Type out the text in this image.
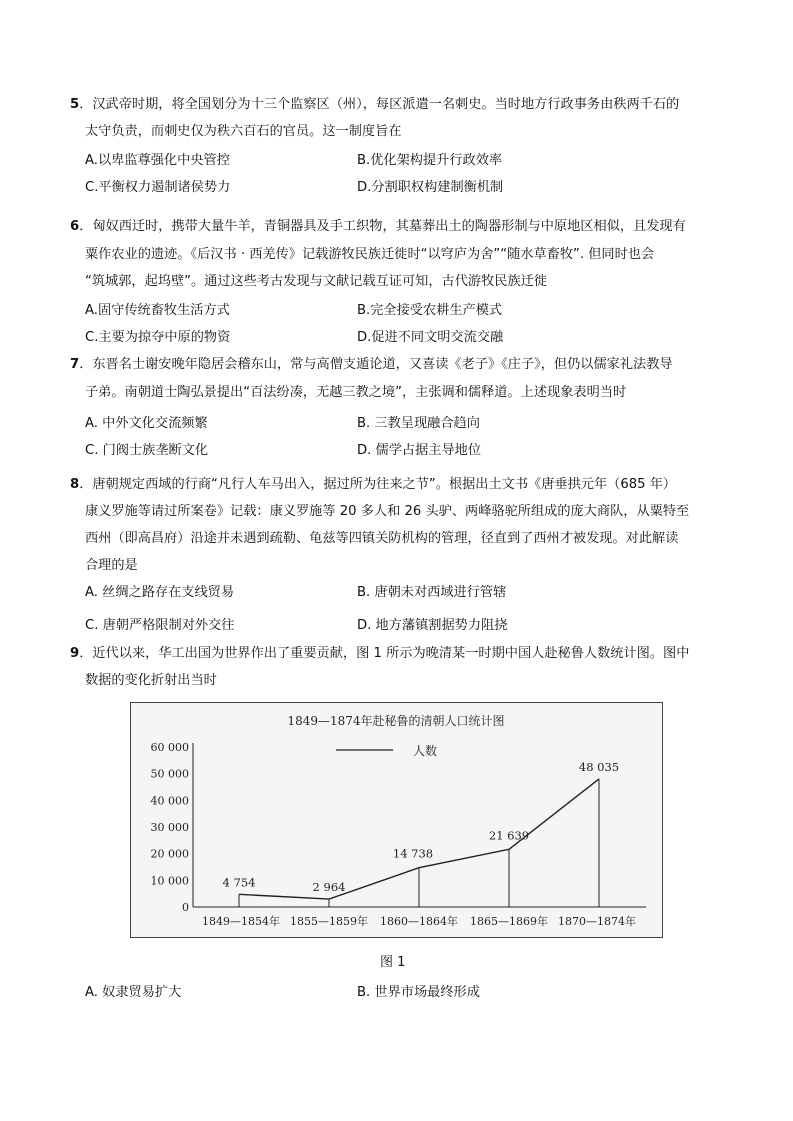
5．汉武帝时期，将全国划分为十三个监察区（州），每区派遣一名刺史。当时地方行政事务由秩两千石的
太守负责，而刺史仅为秩六百石的官员。这一制度旨在
A.以卑监尊强化中央管控	B.优化架构提升行政效率
C.平衡权力遏制诸侯势力	D.分割职权构建制衡机制
6．匈奴西迁时，携带大量牛羊，青铜器具及手工织物，其墓葬出土的陶器形制与中原地区相似，且发现有
粟作农业的遗迹。《后汉书 · 西羌传》记载游牧民族迁徙时“以穹庐为舍”“随水草畜牧”. 但同时也会
“筑城郭，起坞壁”。通过这些考古发现与文献记载互证可知，古代游牧民族迁徙
A.固守传统畜牧生活方式	B.完全接受农耕生产模式
C.主要为掠夺中原的物资	D.促进不同文明交流交融
7．东晋名士谢安晚年隐居会稽东山，常与高僧支遁论道，又喜读《老子》《庄子》，但仍以儒家礼法教导
子弟。南朝道士陶弘景提出“百法纷凑，无越三教之境”，主张调和儒释道。上述现象表明当时
A. 中外文化交流频繁	B. 三教呈现融合趋向
C. 门阀士族垄断文化	D. 儒学占据主导地位
8．唐朝规定西域的行商“凡行人车马出入，据过所为往来之节”。根据出土文书《唐垂拱元年（685 年）
康义罗施等请过所案卷》记载：康义罗施等 20 多人和 26 头驴、两峰骆驼所组成的庞大商队，从粟特至
西州（即高昌府）沿途并未遇到疏勒、龟兹等四镇关防机构的管理，径直到了西州才被发现。对此解读
合理的是
A. 丝绸之路存在支线贸易	B. 唐朝未对西域进行管辖
C. 唐朝严格限制对外交往	D. 地方藩镇割据势力阻挠
9．近代以来，华工出国为世界作出了重要贡献，图 1 所示为晚清某一时期中国人赴秘鲁人数统计图。图中
数据的变化折射出当时
1849—1874年赴秘鲁的清朝人口统计图
人数
0
10 000
20 000
30 000
40 000
50 000
60 000
4 754	2 964
14 738
21 639
48 035
1849—1854年 1855—1859年 1860—1864年 1865—1869年 1870—1874年
图 1
A. 奴隶贸易扩大	B. 世界市场最终形成
